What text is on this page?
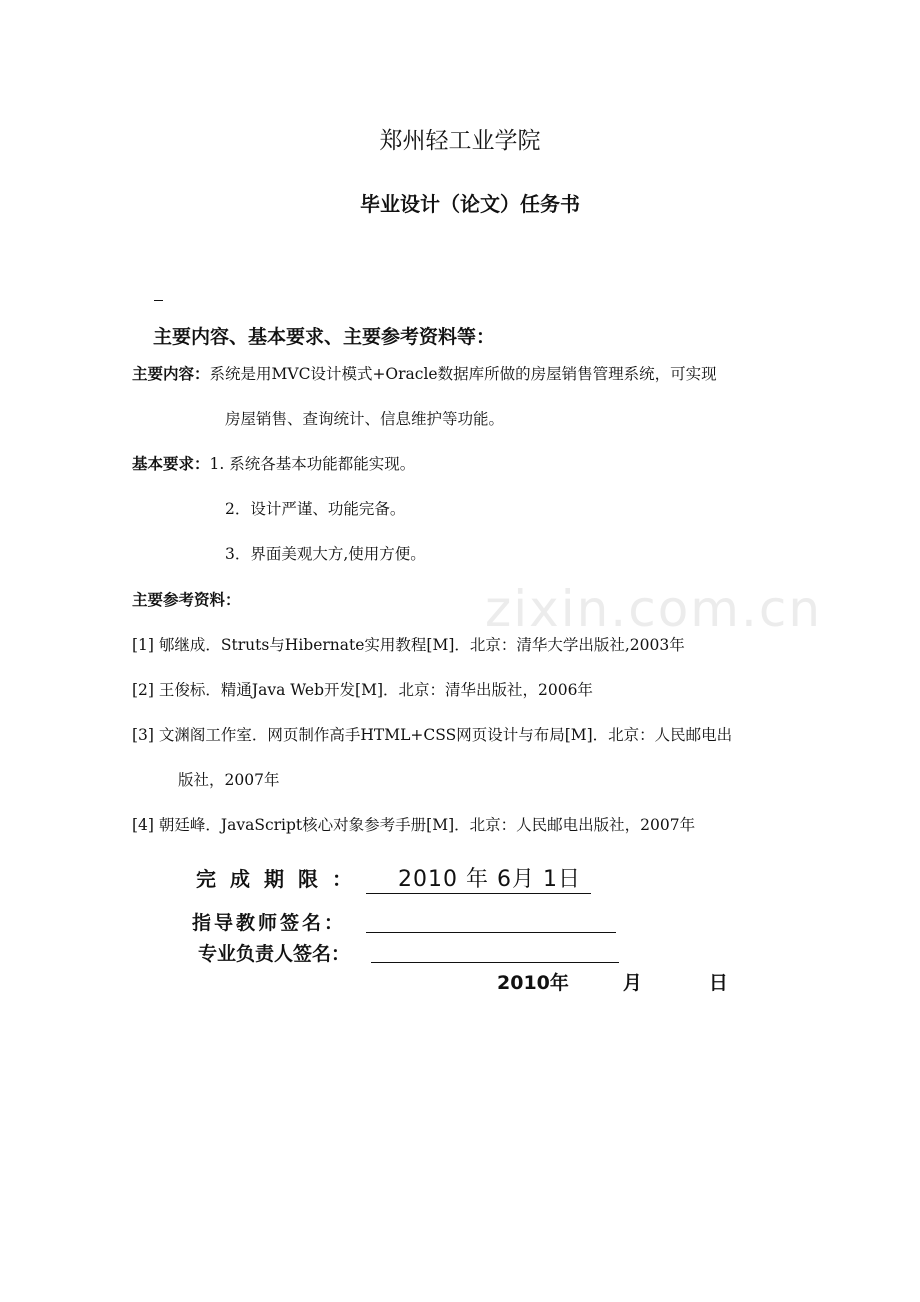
zixin.com.cn
郑州轻工业学院
毕业设计（论文）任务书
主要内容、基本要求、主要参考资料等：
主要内容：系统是用MVC设计模式+Oracle数据库所做的房屋销售管理系统，可实现
房屋销售、查询统计、信息维护等功能。
基本要求：1. 系统各基本功能都能实现。
2．设计严谨、功能完备。
3．界面美观大方,使用方便。
主要参考资料：
[1] 郇继成．Struts与Hibernate实用教程[M]．北京：清华大学出版社,2003年
[2] 王俊标．精通Java Web开发[M]．北京：清华出版社，2006年
[3] 文渊阁工作室．网页制作高手HTML+CSS网页设计与布局[M]．北京：人民邮电出
版社，2007年
[4] 朝廷峰．JavaScript核心对象参考手册[M]．北京：人民邮电出版社，2007年
完成期限： 2010 年 6月 1日
指导教师签名：
专业负责人签名：
2010年	月	日
